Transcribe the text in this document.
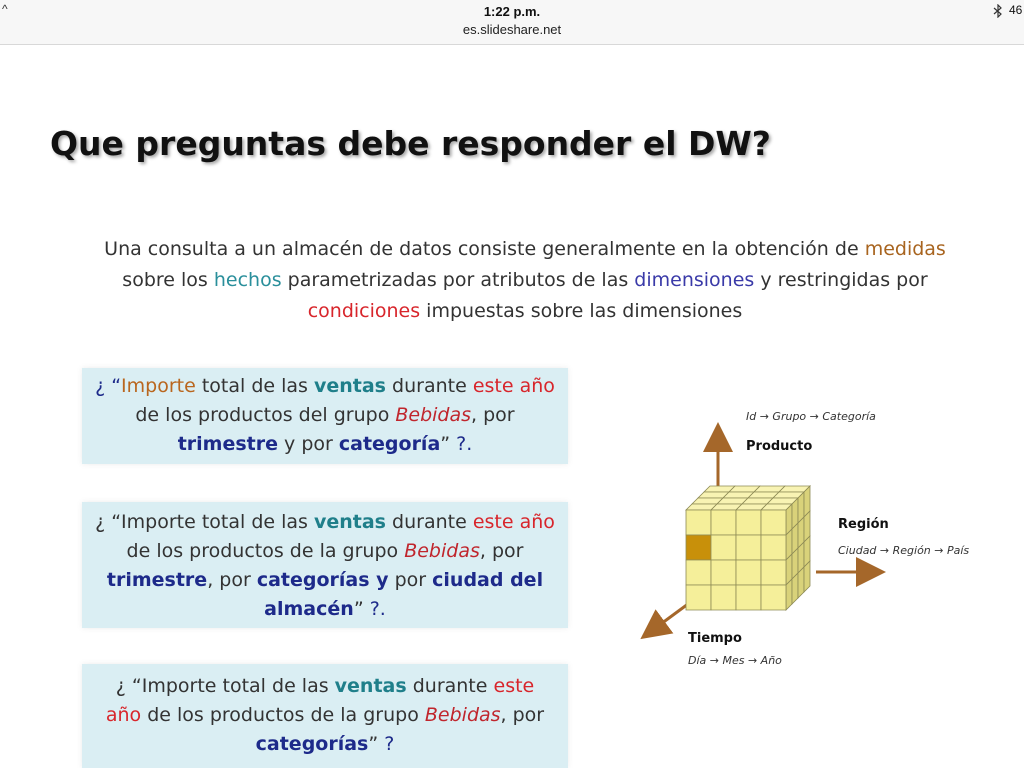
^	1:22 p.m.
es.slideshare.net
46
Que preguntas debe responder el DW?
Una consulta a un almacén de datos consiste generalmente en la obtención de medidas
sobre los hechos parametrizadas por atributos de las dimensiones y restringidas por
condiciones impuestas sobre las dimensiones
¿ “Importe total de las ventas durante este año
de los productos del grupo Bebidas, por
trimestre y por categoría” ?.
¿ “Importe total de las ventas durante este año
de los productos de la grupo Bebidas, por
trimestre, por categorías y por ciudad del
almacén” ?.
¿ “Importe total de las ventas durante este
año de los productos de la grupo Bebidas, por
categorías” ?
Id → Grupo → Categoría
Producto
Región
Ciudad → Región → País
Tiempo
Día → Mes → Año
